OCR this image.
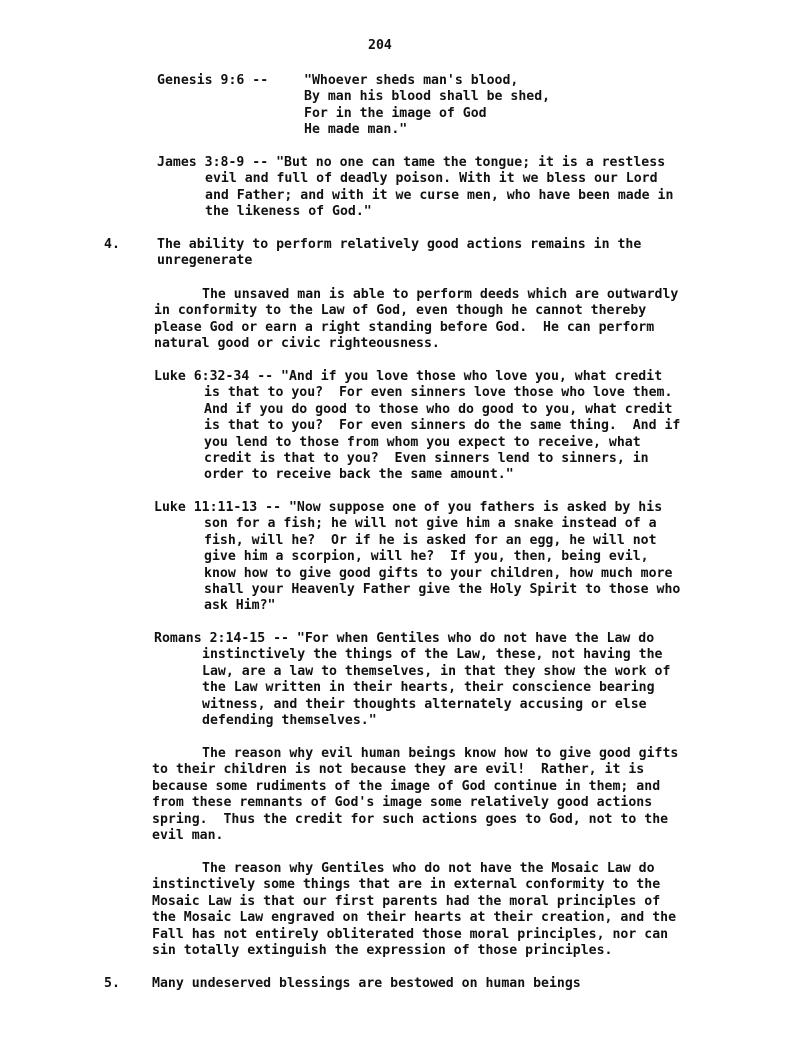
204
Genesis 9:6 --	"Whoever sheds man's blood,
By man his blood shall be shed,
For in the image of God
He made man."
James 3:8-9 -- "But no one can tame the tongue; it is a restless
evil and full of deadly poison. With it we bless our Lord
and Father; and with it we curse men, who have been made in
the likeness of God."
4.	The ability to perform relatively good actions remains in the
unregenerate
The unsaved man is able to perform deeds which are outwardly
in conformity to the Law of God, even though he cannot thereby
please God or earn a right standing before God.  He can perform
natural good or civic righteousness.
Luke 6:32-34 -- "And if you love those who love you, what credit
is that to you?  For even sinners love those who love them.
And if you do good to those who do good to you, what credit
is that to you?  For even sinners do the same thing.  And if
you lend to those from whom you expect to receive, what
credit is that to you?  Even sinners lend to sinners, in
order to receive back the same amount."
Luke 11:11-13 -- "Now suppose one of you fathers is asked by his
son for a fish; he will not give him a snake instead of a
fish, will he?  Or if he is asked for an egg, he will not
give him a scorpion, will he?  If you, then, being evil,
know how to give good gifts to your children, how much more
shall your Heavenly Father give the Holy Spirit to those who
ask Him?"
Romans 2:14-15 -- "For when Gentiles who do not have the Law do
instinctively the things of the Law, these, not having the
Law, are a law to themselves, in that they show the work of
the Law written in their hearts, their conscience bearing
witness, and their thoughts alternately accusing or else
defending themselves."
The reason why evil human beings know how to give good gifts
to their children is not because they are evil!  Rather, it is
because some rudiments of the image of God continue in them; and
from these remnants of God's image some relatively good actions
spring.  Thus the credit for such actions goes to God, not to the
evil man.
The reason why Gentiles who do not have the Mosaic Law do
instinctively some things that are in external conformity to the
Mosaic Law is that our first parents had the moral principles of
the Mosaic Law engraved on their hearts at their creation, and the
Fall has not entirely obliterated those moral principles, nor can
sin totally extinguish the expression of those principles.
5. Many undeserved blessings are bestowed on human beings
